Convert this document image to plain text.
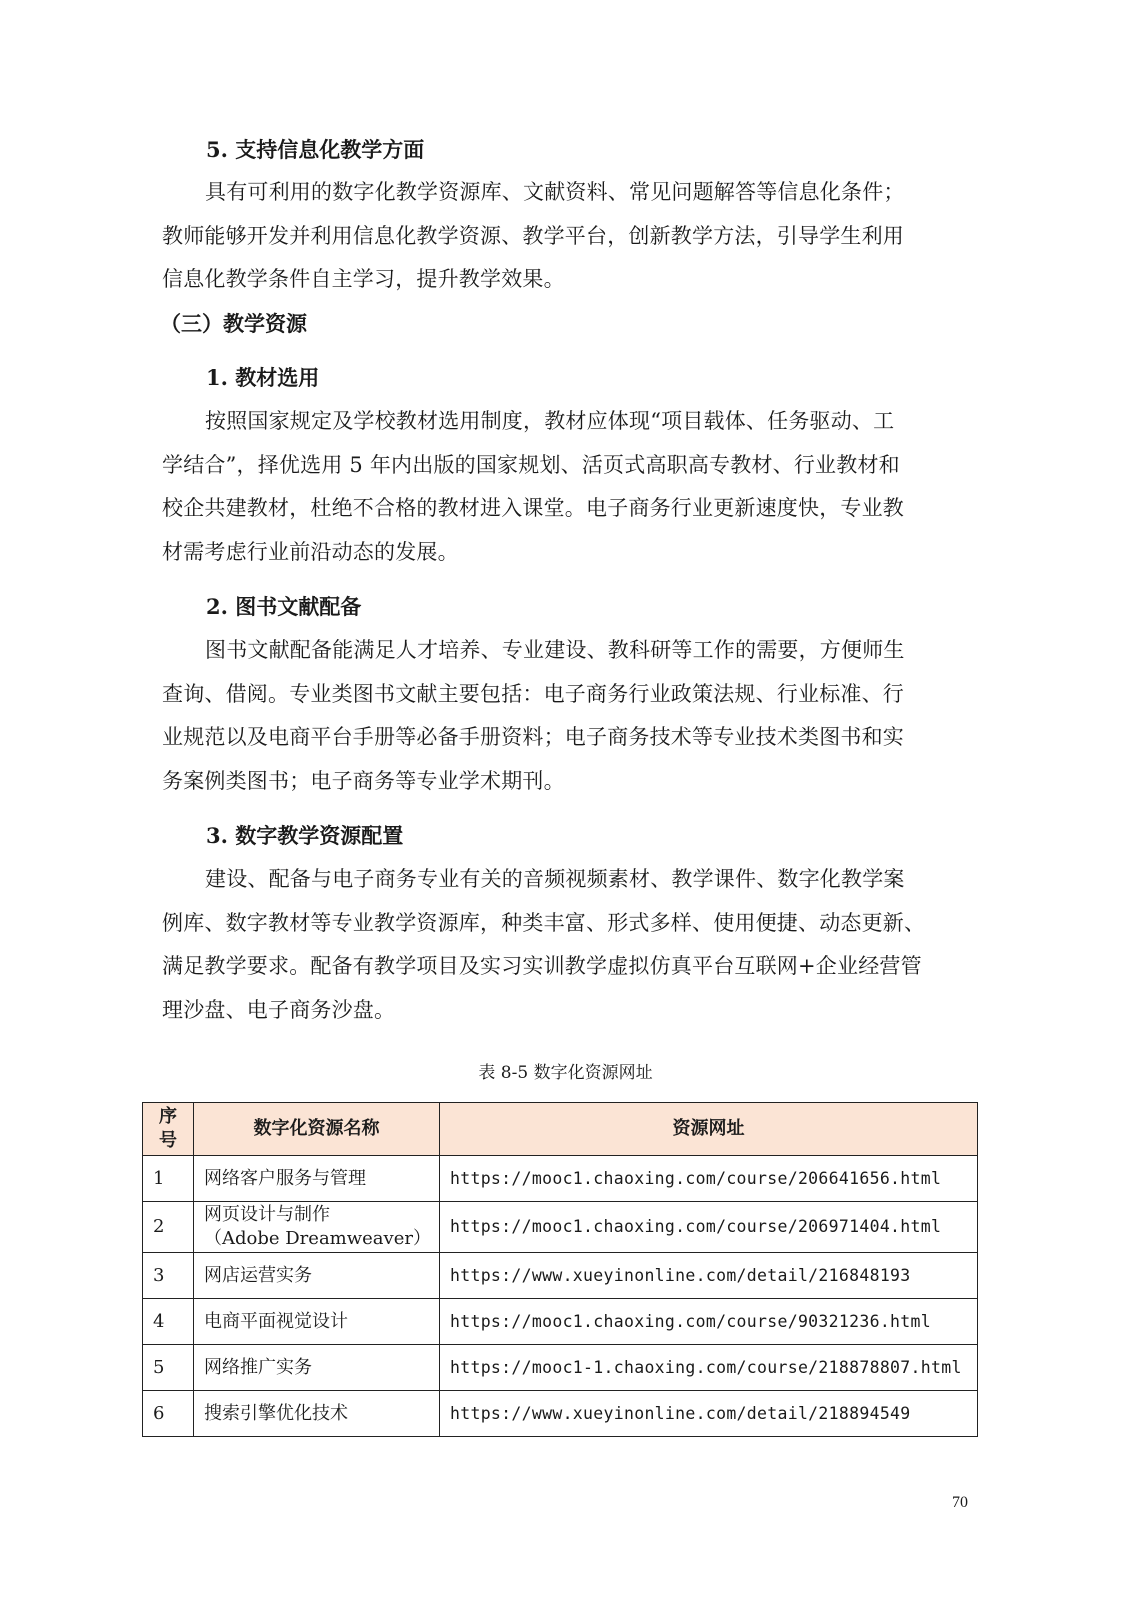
5. 支持信息化教学方面
具有可利用的数字化教学资源库、文献资料、常见问题解答等信息化条件；
教师能够开发并利用信息化教学资源、教学平台，创新教学方法，引导学生利用
信息化教学条件自主学习，提升教学效果。
（三）教学资源
1. 教材选用
按照国家规定及学校教材选用制度，教材应体现“项目载体、任务驱动、工
学结合”，择优选用 5 年内出版的国家规划、活页式高职高专教材、行业教材和
校企共建教材，杜绝不合格的教材进入课堂。电子商务行业更新速度快，专业教
材需考虑行业前沿动态的发展。
2. 图书文献配备
图书文献配备能满足人才培养、专业建设、教科研等工作的需要，方便师生
查询、借阅。专业类图书文献主要包括：电子商务行业政策法规、行业标准、行
业规范以及电商平台手册等必备手册资料；电子商务技术等专业技术类图书和实
务案例类图书；电子商务等专业学术期刊。
3. 数字教学资源配置
建设、配备与电子商务专业有关的音频视频素材、教学课件、数字化教学案
例库、数字教材等专业教学资源库，种类丰富、形式多样、使用便捷、动态更新、
满足教学要求。配备有教学项目及实习实训教学虚拟仿真平台互联网+企业经营管
理沙盘、电子商务沙盘。
表 8-5 数字化资源网址
序
号	数字化资源名称	资源网址
1	网络客户服务与管理	https://mooc1.chaoxing.com/course/206641656.html
2	网页设计与制作
（Adobe Dreamweaver）	https://mooc1.chaoxing.com/course/206971404.html
3	网店运营实务	https://www.xueyinonline.com/detail/216848193
4	电商平面视觉设计	https://mooc1.chaoxing.com/course/90321236.html
5	网络推广实务	https://mooc1-1.chaoxing.com/course/218878807.html
6	搜索引擎优化技术	https://www.xueyinonline.com/detail/218894549
70
